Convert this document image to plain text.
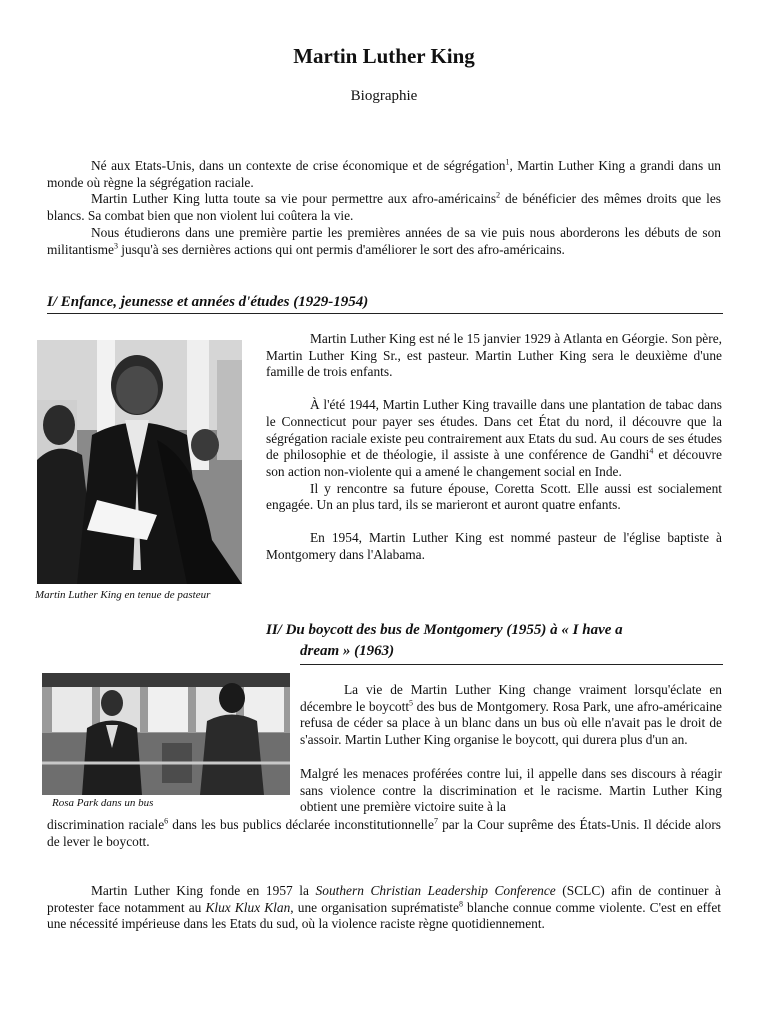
Martin Luther King
Biographie

Né aux Etats-Unis, dans un contexte de crise économique et de ségrégation$^1$, Martin Luther King a grandi dans un monde où règne la ségrégation raciale.

Martin Luther King lutta toute sa vie pour permettre aux afro-américains$^2$ de bénéficier des mêmes droits que les blancs. Sa combat bien que non violent lui coûtera la vie.

Nous étudierons dans une première partie les premières années de sa vie puis nous aborderons les débuts de son militantisme$^3$ jusqu'à ses dernières actions qui ont permis d'améliorer le sort des afro-américains.

I/ Enfance, jeunesse et années d'études (1929-1954)
Martin Luther King en tenue de pasteur

Martin Luther King est né le 15 janvier 1929 à Atlanta en Géorgie. Son père, Martin Luther King Sr., est pasteur. Martin Luther King sera le deuxième d'une famille de trois enfants.

À l'été 1944, Martin Luther King travaille dans une plantation de tabac dans le Connecticut pour payer ses études. Dans cet État du nord, il découvre que la ségrégation raciale existe peu contrairement aux Etats du sud. Au cours de ses études de philosophie et de théologie, il assiste à une conférence de Gandhi$^4$ et découvre son action non-violente qui a amené le changement social en Inde.

Il y rencontre sa future épouse, Coretta Scott. Elle aussi est socialement engagée. Un an plus tard, ils se marieront et auront quatre enfants.

En 1954, Martin Luther King est nommé pasteur de l'église baptiste à Montgomery dans l'Alabama.

II/ Du boycott des bus de Montgomery (1955) à « I have a
dream » (1963)
Rosa Park dans un bus

La vie de Martin Luther King change vraiment lorsqu'éclate en décembre le boycott$^5$ des bus de Montgomery. Rosa Park, une afro-américaine refusa de céder sa place à un blanc dans un bus où elle n'avait pas le droit de s'assoir. Martin Luther King organise le boycott, qui durera plus d'un an.

Malgré les menaces proférées contre lui, il appelle dans ses discours à réagir sans violence contre la discrimination et le racisme. Martin Luther King obtient une première victoire suite à la

discrimination raciale$^6$ dans les bus publics déclarée inconstitutionnelle$^7$ par la Cour suprême des États-Unis. Il décide alors de lever le boycott.
Martin Luther King fonde en 1957 la Southern Christian Leadership Conference (SCLC) afin de continuer à protester face notamment au Klux Klux Klan, une organisation suprématiste$^8$ blanche connue comme violente. C'est en effet une nécessité impérieuse dans les Etats du sud, où la violence raciste règne quotidiennement.
